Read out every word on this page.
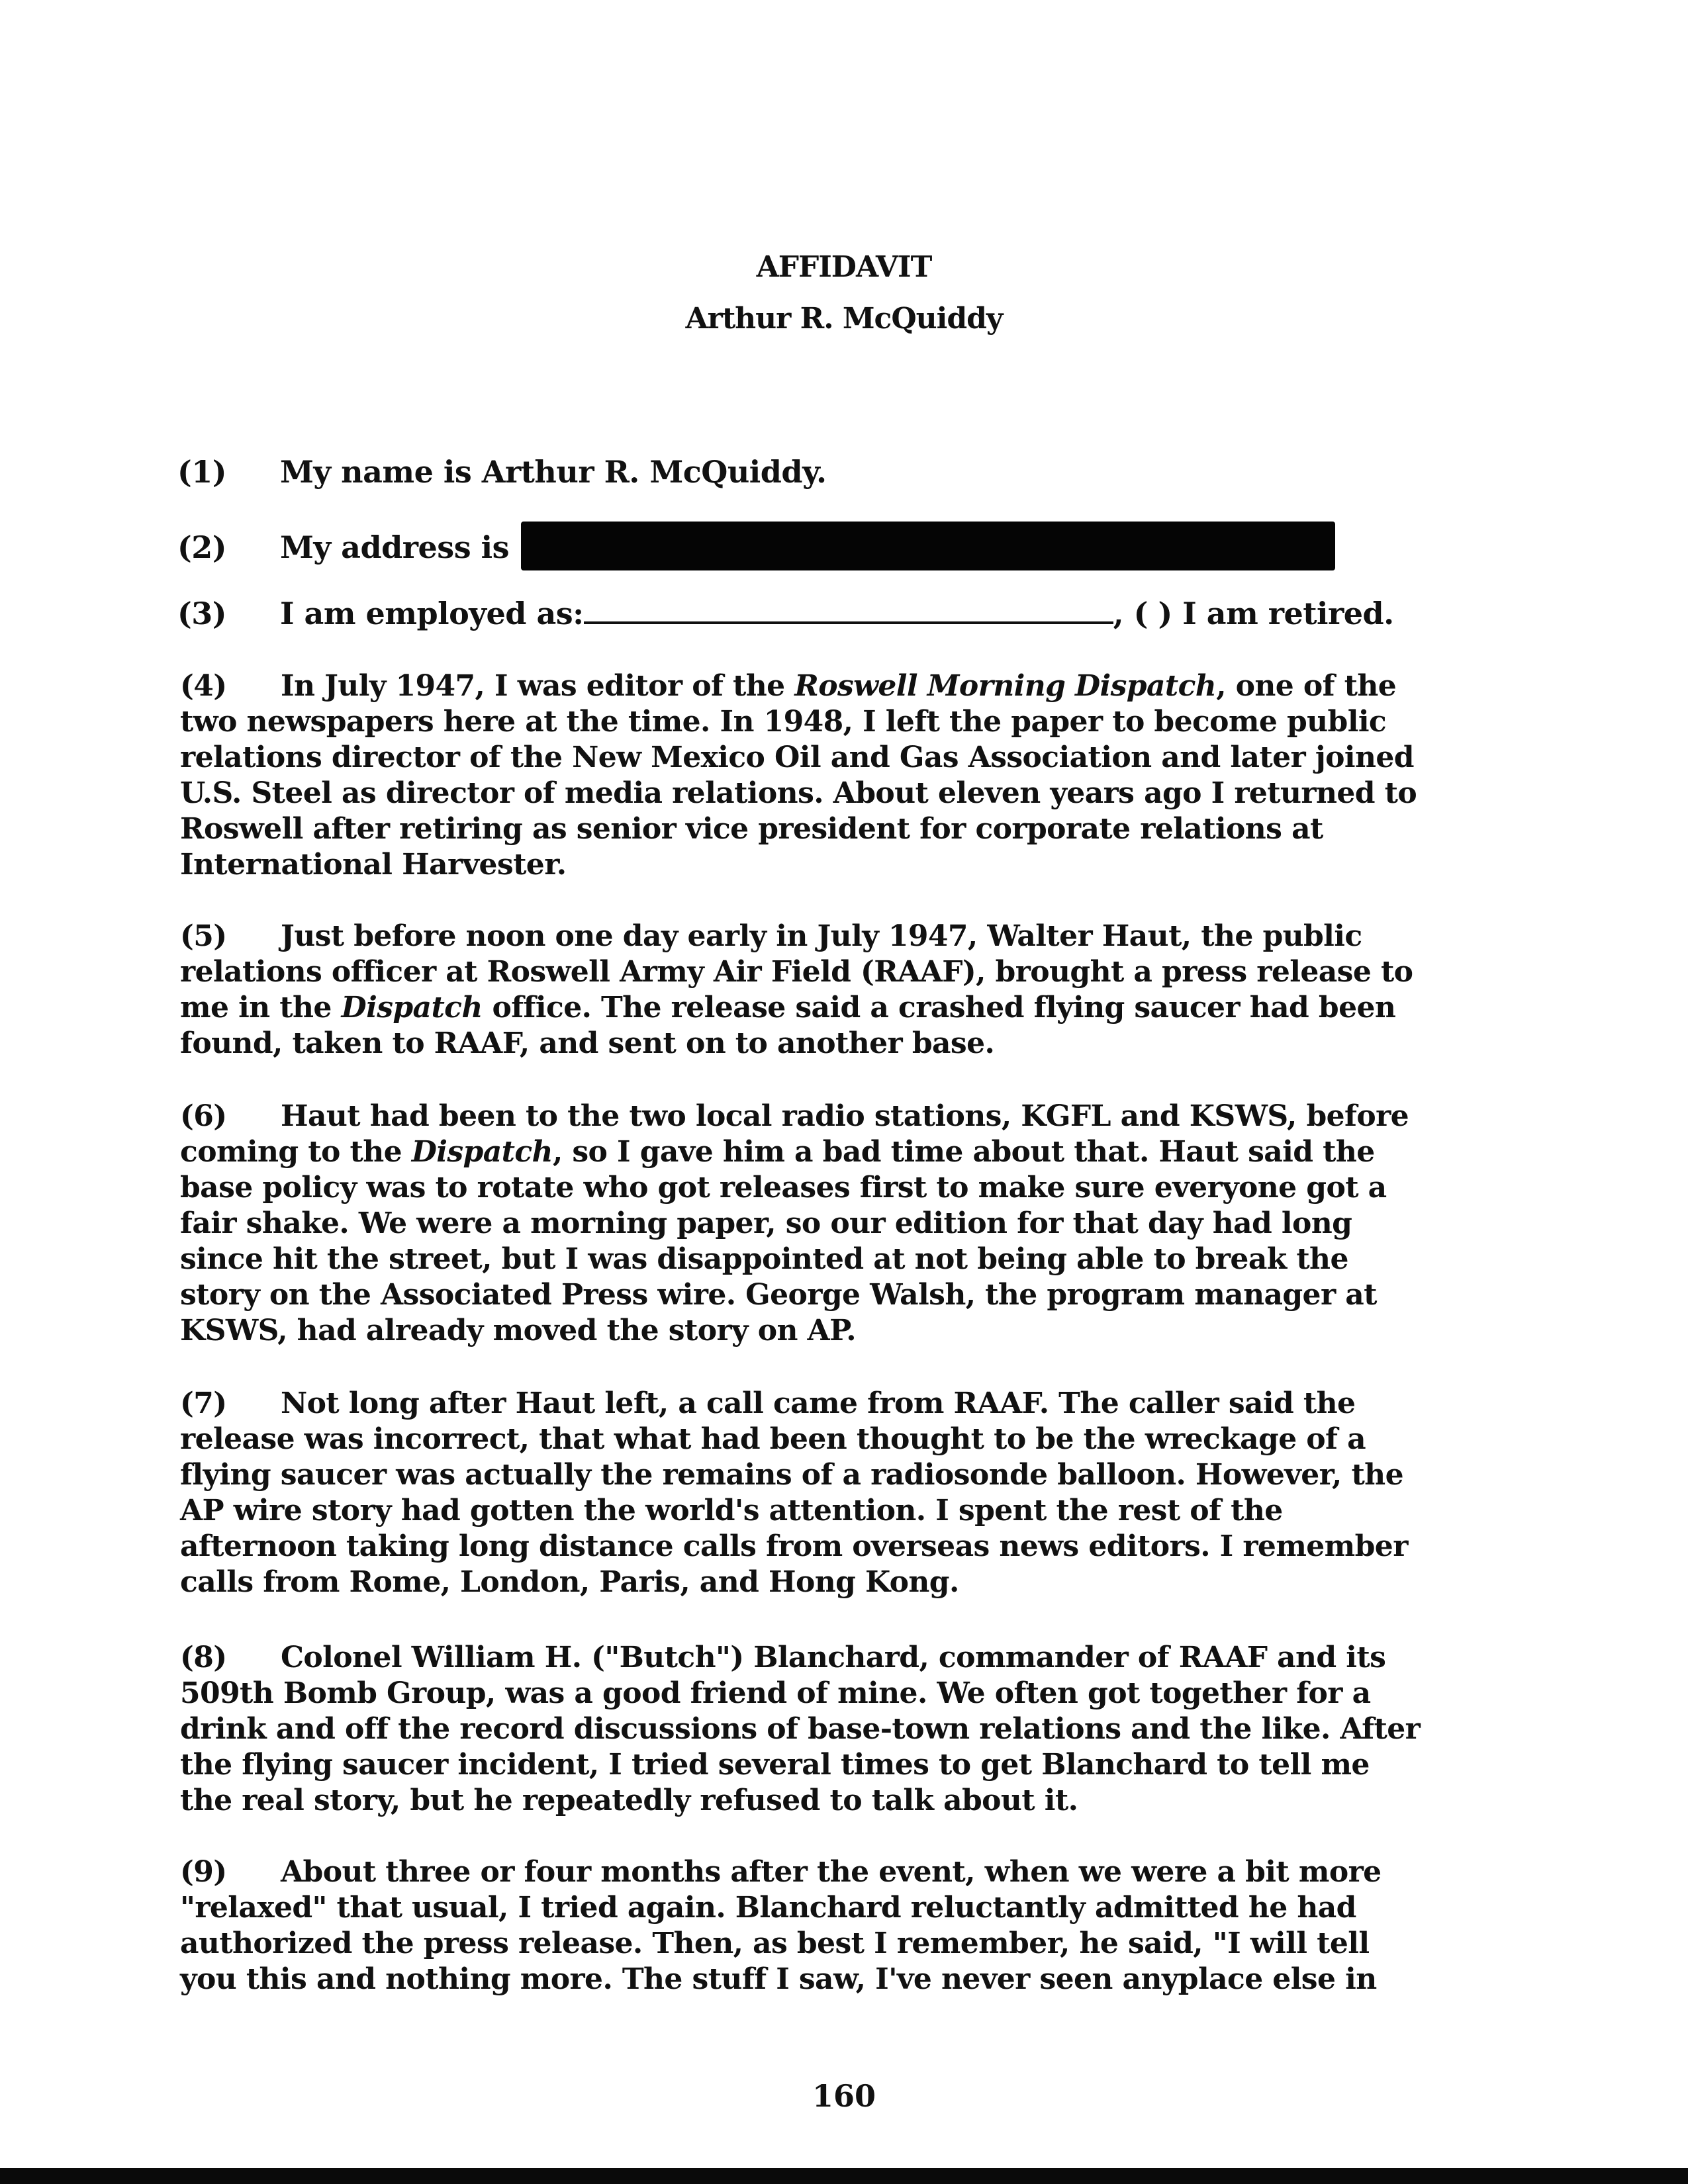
AFFIDAVIT
Arthur R. McQuiddy
(1) My name is Arthur R. McQuiddy.
(2) My address is
(3) I am employed as:	, ( ) I am retired.

(4) In July 1947, I was editor of the Roswell Morning Dispatch, one of the two newspapers here at the time. In 1948, I left the paper to become public relations director of the New Mexico Oil and Gas Association and later joined U.S. Steel as director of media relations. About eleven years ago I returned to Roswell after retiring as senior vice president for corporate relations at International Harvester.

(5) Just before noon one day early in July 1947, Walter Haut, the public relations officer at Roswell Army Air Field (RAAF), brought a press release to me in the Dispatch office. The release said a crashed flying saucer had been found, taken to RAAF, and sent on to another base.

(6) Haut had been to the two local radio stations, KGFL and KSWS, before coming to the Dispatch, so I gave him a bad time about that. Haut said the base policy was to rotate who got releases first to make sure everyone got a fair shake. We were a morning paper, so our edition for that day had long since hit the street, but I was disappointed at not being able to break the story on the Associated Press wire. George Walsh, the program manager at KSWS, had already moved the story on AP.

(7) Not long after Haut left, a call came from RAAF. The caller said the release was incorrect, that what had been thought to be the wreckage of a flying saucer was actually the remains of a radiosonde balloon. However, the AP wire story had gotten the world's attention. I spent the rest of the afternoon taking long distance calls from overseas news editors. I remember calls from Rome, London, Paris, and Hong Kong.

(8) Colonel William H. ("Butch") Blanchard, commander of RAAF and its 509th Bomb Group, was a good friend of mine. We often got together for a drink and off the record discussions of base-town relations and the like. After the flying saucer incident, I tried several times to get Blanchard to tell me the real story, but he repeatedly refused to talk about it.

(9) About three or four months after the event, when we were a bit more "relaxed" that usual, I tried again. Blanchard reluctantly admitted he had authorized the press release. Then, as best I remember, he said, "I will tell you this and nothing more. The stuff I saw, I've never seen anyplace else in

160
